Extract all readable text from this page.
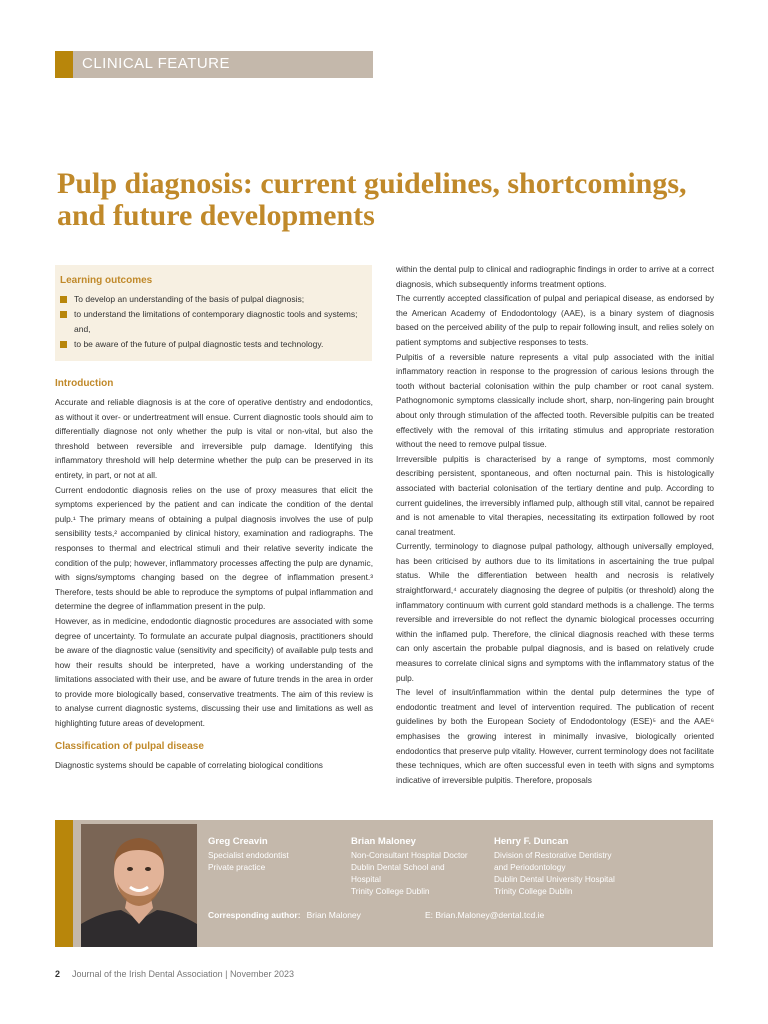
CLINICAL FEATURE
Pulp diagnosis: current guidelines, shortcomings, and future developments
Learning outcomes
To develop an understanding of the basis of pulpal diagnosis;
to understand the limitations of contemporary diagnostic tools and systems; and,
to be aware of the future of pulpal diagnostic tests and technology.
Introduction

Accurate and reliable diagnosis is at the core of operative dentistry and endodontics, as without it over- or undertreatment will ensue. Current diagnostic tools should aim to differentially diagnose not only whether the pulp is vital or non-vital, but also the threshold between reversible and irreversible pulp damage. Identifying this inflammatory threshold will help determine whether the pulp can be preserved in its entirety, in part, or not at all.

Current endodontic diagnosis relies on the use of proxy measures that elicit the symptoms experienced by the patient and can indicate the condition of the dental pulp.¹ The primary means of obtaining a pulpal diagnosis involves the use of pulp sensibility tests,² accompanied by clinical history, examination and radiographs. The responses to thermal and electrical stimuli and their relative severity indicate the condition of the pulp; however, inflammatory processes affecting the pulp are dynamic, with signs/symptoms changing based on the degree of inflammation present.³ Therefore, tests should be able to reproduce the symptoms of pulpal inflammation and determine the degree of inflammation present in the pulp.

However, as in medicine, endodontic diagnostic procedures are associated with some degree of uncertainty. To formulate an accurate pulpal diagnosis, practitioners should be aware of the diagnostic value (sensitivity and specificity) of available pulp tests and how their results should be interpreted, have a working understanding of the limitations associated with their use, and be aware of future trends in the area in order to provide more biologically based, conservative treatments. The aim of this review is to analyse current diagnostic systems, discussing their use and limitations as well as highlighting future areas of development.

Classification of pulpal disease

Diagnostic systems should be capable of correlating biological conditions

within the dental pulp to clinical and radiographic findings in order to arrive at a correct diagnosis, which subsequently informs treatment options.

The currently accepted classification of pulpal and periapical disease, as endorsed by the American Academy of Endodontology (AAE), is a binary system of diagnosis based on the perceived ability of the pulp to repair following insult, and relies solely on patient symptoms and subjective responses to tests.

Pulpitis of a reversible nature represents a vital pulp associated with the initial inflammatory reaction in response to the progression of carious lesions through the tooth without bacterial colonisation within the pulp chamber or root canal system. Pathognomonic symptoms classically include short, sharp, non-lingering pain brought about only through stimulation of the affected tooth. Reversible pulpitis can be treated effectively with the removal of this irritating stimulus and appropriate restoration without the need to remove pulpal tissue.

Irreversible pulpitis is characterised by a range of symptoms, most commonly describing persistent, spontaneous, and often nocturnal pain. This is histologically associated with bacterial colonisation of the tertiary dentine and pulp. According to current guidelines, the irreversibly inflamed pulp, although still vital, cannot be repaired and is not amenable to vital therapies, necessitating its extirpation followed by root canal treatment.

Currently, terminology to diagnose pulpal pathology, although universally employed, has been criticised by authors due to its limitations in ascertaining the true pulpal status. While the differentiation between health and necrosis is relatively straightforward,⁴ accurately diagnosing the degree of pulpitis (or threshold) along the inflammatory continuum with current gold standard methods is a challenge. The terms reversible and irreversible do not reflect the dynamic biological processes occurring within the inflamed pulp. Therefore, the clinical diagnosis reached with these terms can only ascertain the probable pulpal diagnosis, and is based on relatively crude measures to correlate clinical signs and symptoms with the inflammatory status of the pulp.

The level of insult/inflammation within the dental pulp determines the type of endodontic treatment and level of intervention required. The publication of recent guidelines by both the European Society of Endodontology (ESE)⁵ and the AAE⁶ emphasises the growing interest in minimally invasive, biologically oriented endodontics that preserve pulp vitality. However, current terminology does not facilitate these techniques, which are often successful even in teeth with signs and symptoms indicative of irreversible pulpitis. Therefore, proposals

Greg Creavin
Specialist endodontist
Private practice
Brian Maloney
Non-Consultant Hospital Doctor
Dublin Dental School and
Hospital
Trinity College Dublin
Henry F. Duncan
Division of Restorative Dentistry
and Periodontology
Dublin Dental University Hospital
Trinity College Dublin
Corresponding author: Brian Maloney	E: Brian.Maloney@dental.tcd.ie
2 Journal of the Irish Dental Association | November 2023
